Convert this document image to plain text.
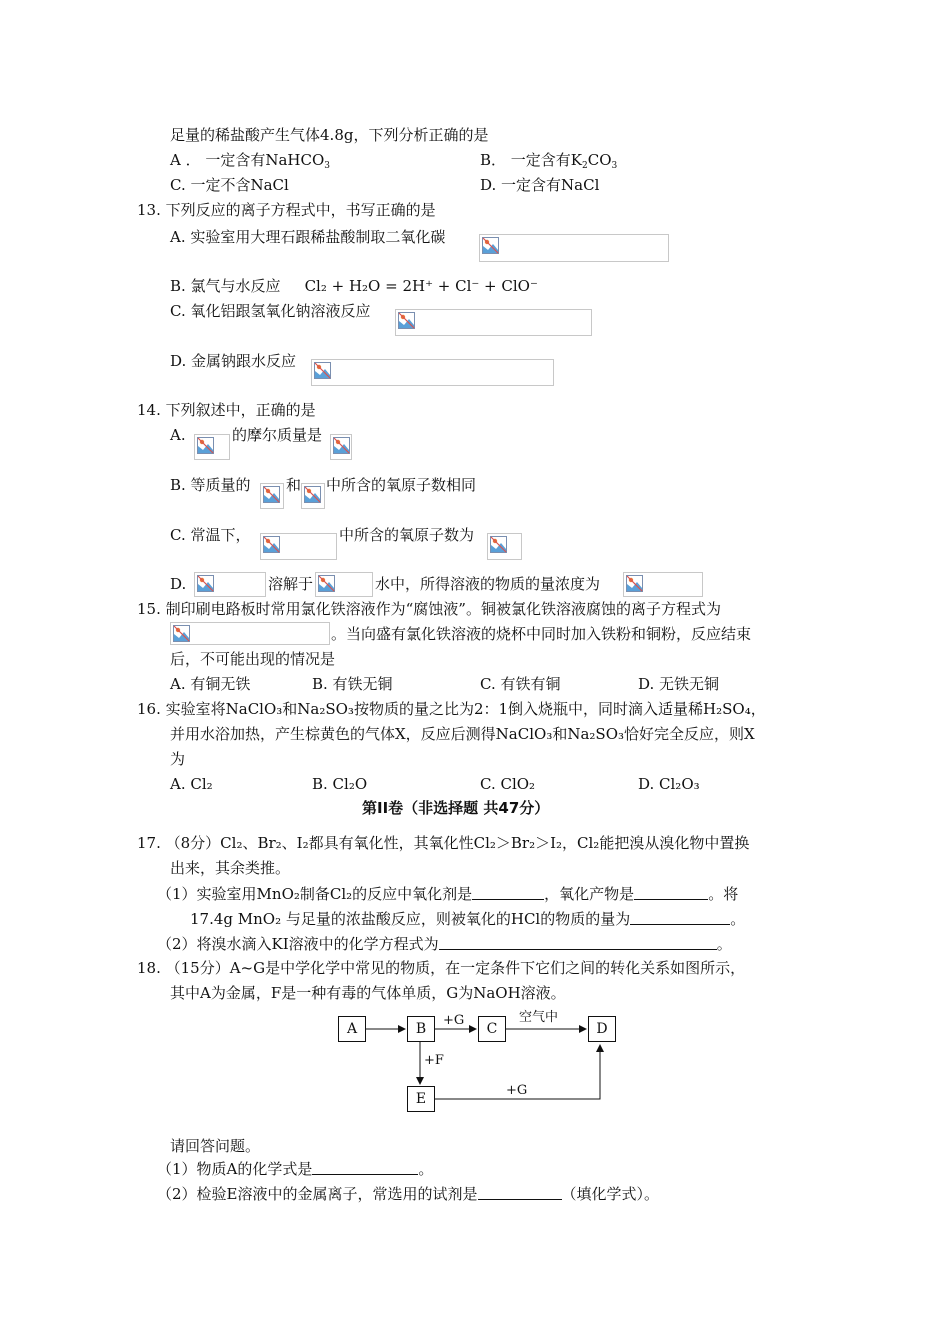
足量的稀盐酸产生气体4.8g，下列分析正确的是
A ． 一定含有NaHCO$_3$	B． 一定含有$K_2CO_3$
C. 一定不含NaCl	D. 一定含有NaCl
13. 下列反应的离子方程式中，书写正确的是
A. 实验室用大理石跟稀盐酸制取二氧化碳
B. 氯气与水反应 Cl₂ + H₂O = 2H⁺ + Cl⁻ + ClO⁻
C. 氧化铝跟氢氧化钠溶液反应
D. 金属钠跟水反应
14. 下列叙述中，正确的是
A.	的摩尔质量是
B. 等质量的 和 中所含的氧原子数相同
C. 常温下，	中所含的氧原子数为
D.	溶解于	水中，所得溶液的物质的量浓度为
15. 制印刷电路板时常用氯化铁溶液作为“腐蚀液”。铜被氯化铁溶液腐蚀的离子方程式为
。当向盛有氯化铁溶液的烧杯中同时加入铁粉和铜粉，反应结束
后，不可能出现的情况是
A. 有铜无铁	B. 有铁无铜	C. 有铁有铜	D. 无铁无铜
16. 实验室将NaClO₃和Na₂SO₃按物质的量之比为2：1倒入烧瓶中，同时滴入适量稀H₂SO₄，
并用水浴加热，产生棕黄色的气体X，反应后测得NaClO₃和Na₂SO₃恰好完全反应，则X
为
A. Cl₂	B. Cl₂O	C. ClO₂	D. Cl₂O₃
第II卷（非选择题 共47分）
17. （8分）Cl₂、Br₂、I₂都具有氧化性，其氧化性Cl₂＞Br₂＞I₂，Cl₂能把溴从溴化物中置换
出来，其余类推。
（1）实验室用MnO₂制备Cl₂的反应中氧化剂是	，氧化产物是	。将
17.4g MnO₂ 与足量的浓盐酸反应，则被氧化的HCl的物质的量为	。
（2）将溴水滴入KI溶液中的化学方程式为	。
18. （15分）A~G是中学化学中常见的物质，在一定条件下它们之间的转化关系如图所示，
其中A为金属，F是一种有毒的气体单质，G为NaOH溶液。
A	B	C	D
E
+G	空气中
+F
+G
请回答问题。
（1）物质A的化学式是	。
（2）检验E溶液中的金属离子，常选用的试剂是	（填化学式）。
